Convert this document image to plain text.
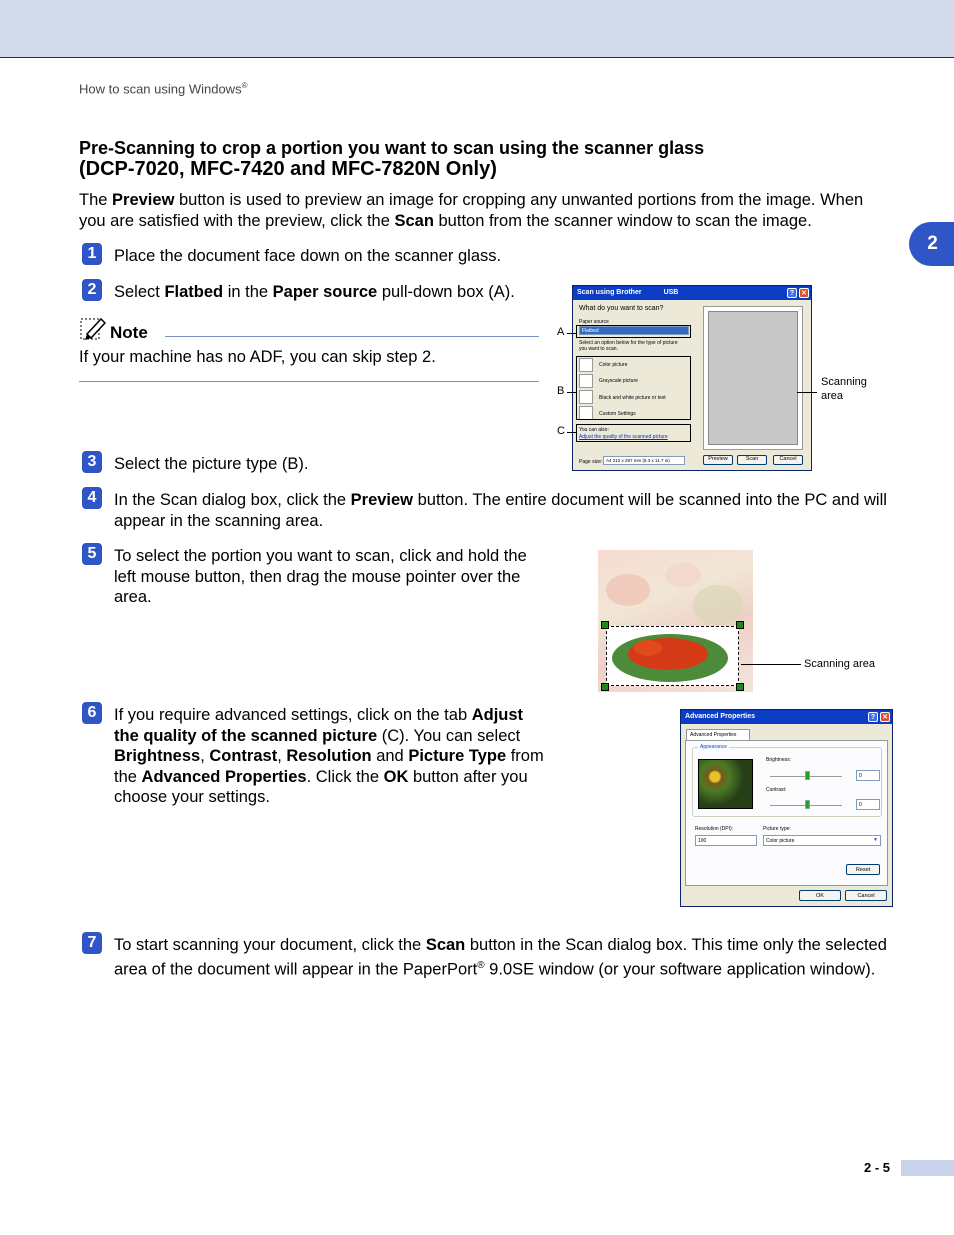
How to scan using Windows®
2
Pre-Scanning to crop a portion you want to scan using the scanner glass
(DCP-7020, MFC-7420 and MFC-7820N Only)
The Preview button is used to preview an image for cropping any unwanted portions from the image. When you are satisfied with the preview, click the Scan button from the scanner window to scan the image.
1	Place the document face down on the scanner glass.
2	Select Flatbed in the Paper source pull-down box (A).
Note
If your machine has no ADF, you can skip step 2.
Scan using Brother	USB	? ✕
What do you want to scan?
Paper source
Flatbed
Select an option below for the type of picture you want to scan.
Color picture
Grayscale picture
Black and white picture or text
Custom Settings
You can also:
Adjust the quality of the scanned picture
Page size: A4 210 x 297 mm (8.3 x 11.7 in)	Preview	Scan	Cancel
A
B
C
Scanning area
3	Select the picture type (B).
4	In the Scan dialog box, click the Preview button. The entire document will be scanned into the PC and will appear in the scanning area.
5	To select the portion you want to scan, click and hold the left mouse button, then drag the mouse pointer over the area.
Scanning area
6	If you require advanced settings, click on the tab Adjust the quality of the scanned picture (C). You can select Brightness, Contrast, Resolution and Picture Type from the Advanced Properties. Click the OK button after you choose your settings.
Advanced Properties	? ✕
Advanced Properties
Appearance
Brightness:
0
Contrast:
0
Resolution (DPI):
100
Picture type:
Color picture	▼
Reset
OK	Cancel
7	To start scanning your document, click the Scan button in the Scan dialog box. This time only the selected area of the document will appear in the PaperPort® 9.0SE window (or your software application window).
2 - 5
